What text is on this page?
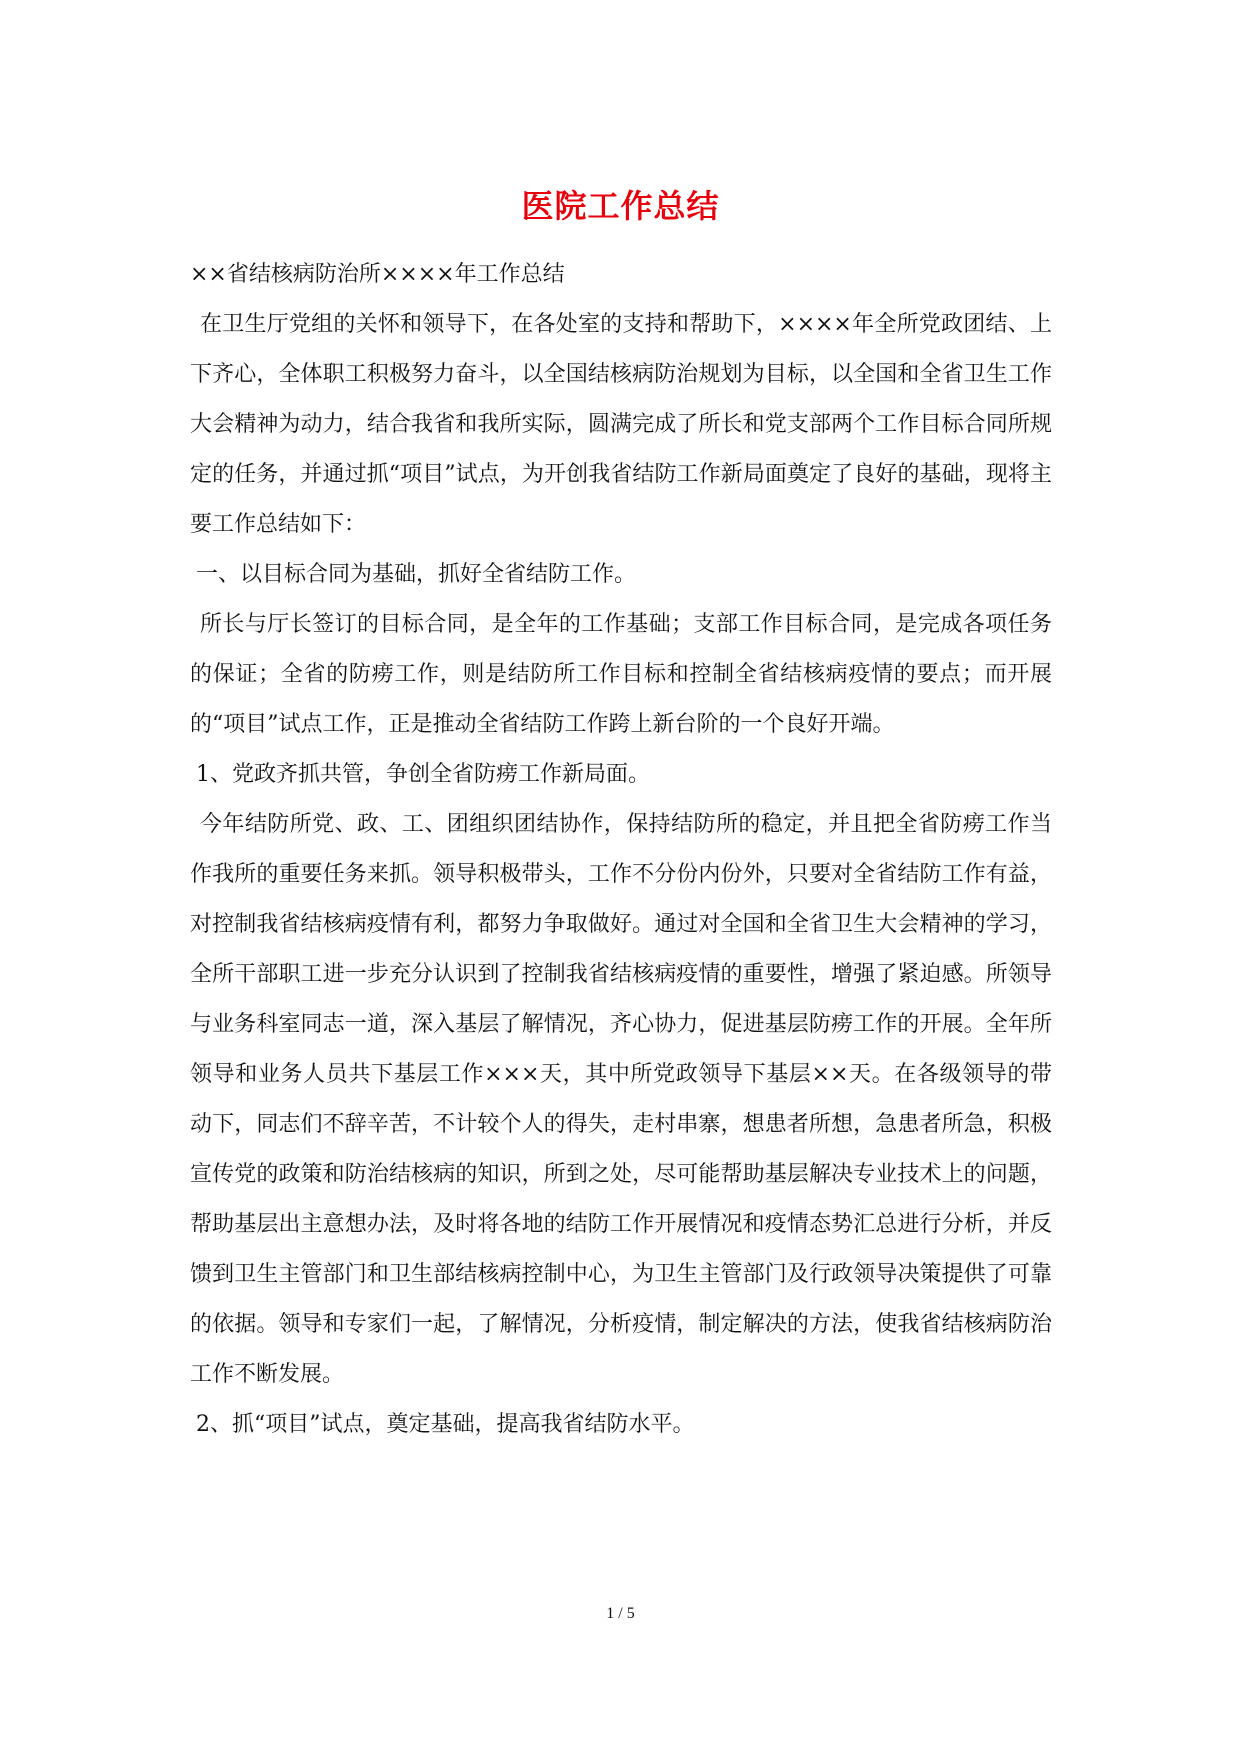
医院工作总结
××省结核病防治所××××年工作总结

在卫生厅党组的关怀和领导下，在各处室的支持和帮助下，××××年全所党政团结、上下齐心，全体职工积极努力奋斗，以全国结核病防治规划为目标，以全国和全省卫生工作大会精神为动力，结合我省和我所实际，圆满完成了所长和党支部两个工作目标合同所规定的任务，并通过抓“项目”试点，为开创我省结防工作新局面奠定了良好的基础，现将主要工作总结如下：

一、以目标合同为基础，抓好全省结防工作。

所长与厅长签订的目标合同，是全年的工作基础；支部工作目标合同，是完成各项任务的保证；全省的防痨工作，则是结防所工作目标和控制全省结核病疫情的要点；而开展的“项目”试点工作，正是推动全省结防工作跨上新台阶的一个良好开端。

1、党政齐抓共管，争创全省防痨工作新局面。

今年结防所党、政、工、团组织团结协作，保持结防所的稳定，并且把全省防痨工作当作我所的重要任务来抓。领导积极带头，工作不分份内份外，只要对全省结防工作有益，对控制我省结核病疫情有利，都努力争取做好。通过对全国和全省卫生大会精神的学习，全所干部职工进一步充分认识到了控制我省结核病疫情的重要性，增强了紧迫感。所领导与业务科室同志一道，深入基层了解情况，齐心协力，促进基层防痨工作的开展。全年所领导和业务人员共下基层工作×××天，其中所党政领导下基层××天。在各级领导的带动下，同志们不辞辛苦，不计较个人的得失，走村串寨，想患者所想，急患者所急，积极宣传党的政策和防治结核病的知识，所到之处，尽可能帮助基层解决专业技术上的问题，帮助基层出主意想办法，及时将各地的结防工作开展情况和疫情态势汇总进行分析，并反馈到卫生主管部门和卫生部结核病控制中心，为卫生主管部门及行政领导决策提供了可靠的依据。领导和专家们一起，了解情况，分析疫情，制定解决的方法，使我省结核病防治工作不断发展。

2、抓“项目”试点，奠定基础，提高我省结防水平。

1 / 5
